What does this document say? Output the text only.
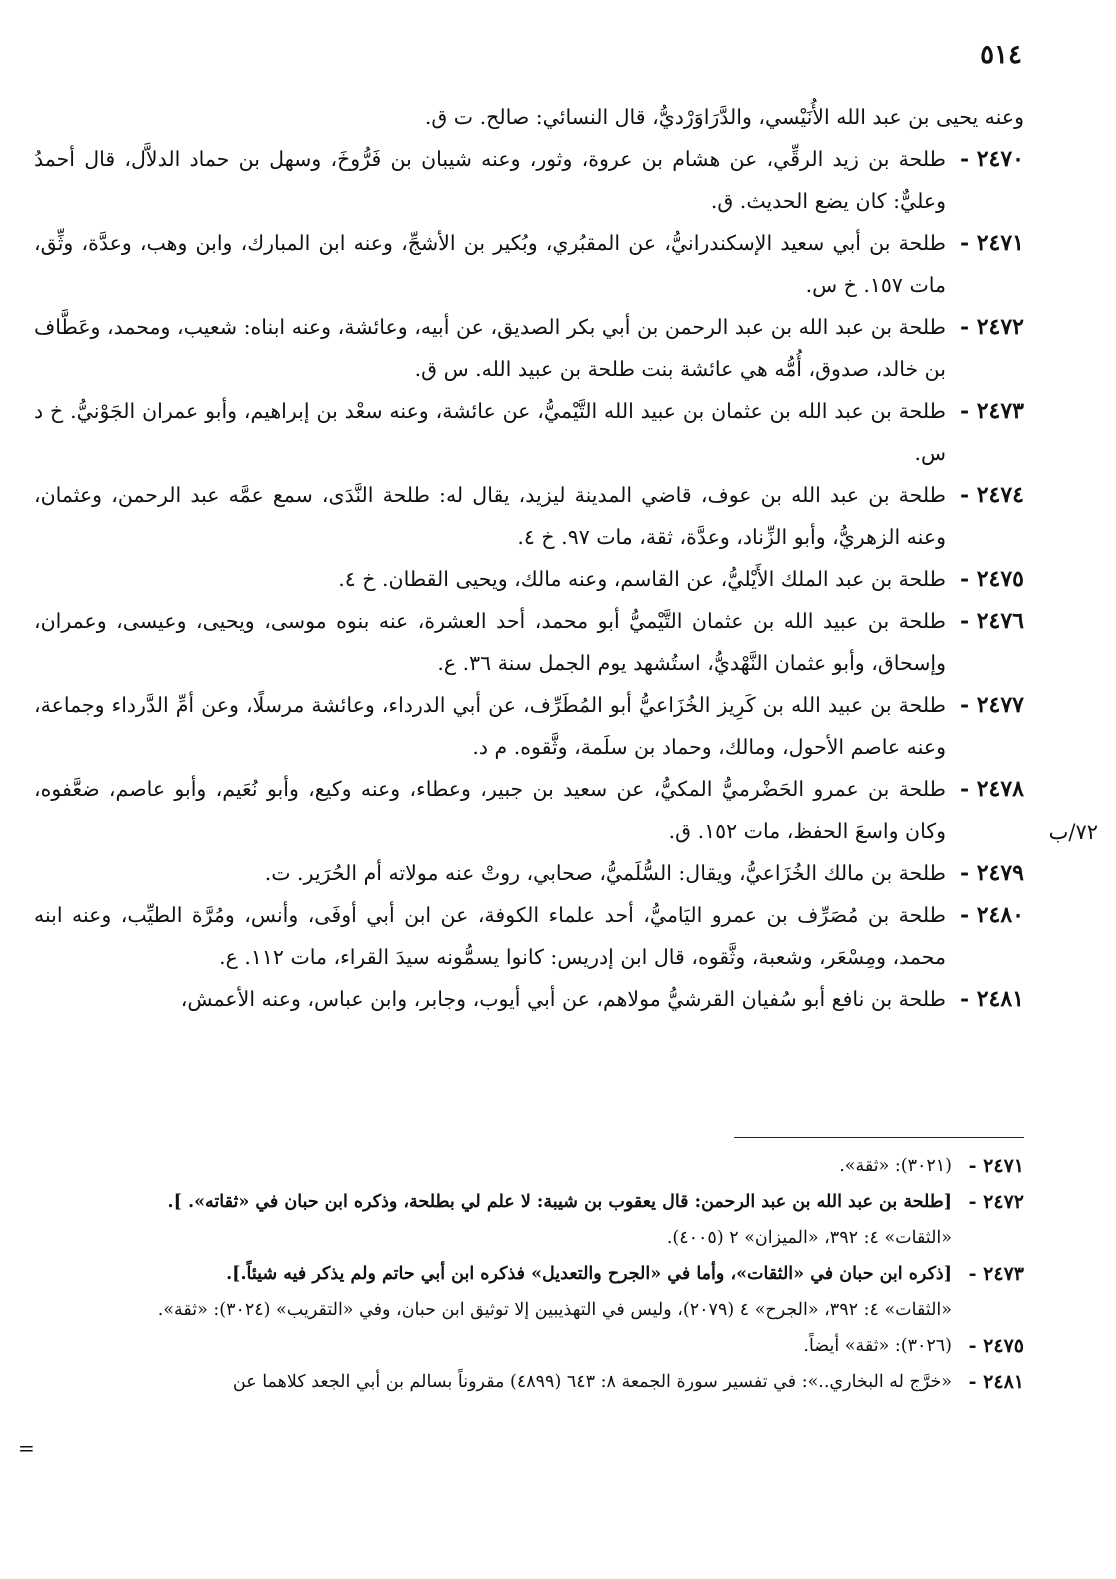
٥١٤
٧٢/ب
وعنه يحيى بن عبد الله الأُنَيْسي، والدَّرَاوَرْديُّ، قال النسائي: صالح. ت ق.
٢٤٧٠ -
طلحة بن زيد الرقِّي، عن هشام بن عروة، وثور، وعنه شيبان بن فَرُّوخَ، وسهل بن حماد الدلاَّل، قال أحمدُ وعليٌّ: كان يضع الحديث. ق.
٢٤٧١ -
طلحة بن أبي سعيد الإسكندرانيُّ، عن المقبُري، وبُكير بن الأشجِّ، وعنه ابن المبارك، وابن وهب، وعدَّة، وثِّق، مات ١٥٧. خ س.
٢٤٧٢ -
طلحة بن عبد الله بن عبد الرحمن بن أبي بكر الصديق، عن أبيه، وعائشة، وعنه ابناه: شعيب، ومحمد، وعَطَّاف بن خالد، صدوق، أُمُّه هي عائشة بنت طلحة بن عبيد الله. س ق.
٢٤٧٣ -
طلحة بن عبد الله بن عثمان بن عبيد الله التَّيْميُّ، عن عائشة، وعنه سعْد بن إبراهيم، وأبو عمران الجَوْنيُّ. خ د س.
٢٤٧٤ -
طلحة بن عبد الله بن عوف، قاضي المدينة ليزيد، يقال له: طلحة النَّدَى، سمع عمَّه عبد الرحمن، وعثمان، وعنه الزهريُّ، وأبو الزِّناد، وعدَّة، ثقة، مات ٩٧. خ ٤.
٢٤٧٥ -
طلحة بن عبد الملك الأَيْليُّ، عن القاسم، وعنه مالك، ويحيى القطان. خ ٤.
٢٤٧٦ -
طلحة بن عبيد الله بن عثمان التَّيْميُّ أبو محمد، أحد العشرة، عنه بنوه موسى، ويحيى، وعيسى، وعمران، وإسحاق، وأبو عثمان النَّهْديُّ، استُشهد يوم الجمل سنة ٣٦. ع.
٢٤٧٧ -
طلحة بن عبيد الله بن كَرِيز الخُزَاعيُّ أبو المُطَرِّف، عن أبي الدرداء، وعائشة مرسلًا، وعن أمِّ الدَّرداء وجماعة، وعنه عاصم الأحول، ومالك، وحماد بن سلَمة، وثَّقوه. م د.
٢٤٧٨ -
طلحة بن عمرو الحَضْرميُّ المكيُّ، عن سعيد بن جبير، وعطاء، وعنه وكيع، وأبو نُعَيم، وأبو عاصم، ضعَّفوه، وكان واسعَ الحفظ، مات ١٥٢. ق.
٢٤٧٩ -
طلحة بن مالك الخُزَاعيُّ، ويقال: السُّلَميُّ، صحابي، روتْ عنه مولاته أم الحُرَير. ت.
٢٤٨٠ -
طلحة بن مُصَرِّف بن عمرو اليَاميُّ، أحد علماء الكوفة، عن ابن أبي أوفَى، وأنس، ومُرَّة الطيِّب، وعنه ابنه محمد، ومِسْعَر، وشعبة، وثَّقوه، قال ابن إدريس: كانوا يسمُّونه سيدَ القراء، مات ١١٢. ع.
٢٤٨١ -
طلحة بن نافع أبو سُفيان القرشيُّ مولاهم، عن أبي أيوب، وجابر، وابن عباس، وعنه الأعمش،
٢٤٧١ -
(٣٠٢١): «ثقة».
٢٤٧٢ -
[طلحة بن عبد الله بن عبد الرحمن: قال يعقوب بن شيبة: لا علم لي بطلحة، وذكره ابن حبان في «ثقاته». ].
«الثقات» ٤: ٣٩٢، «الميزان» ٢ (٤٠٠٥).
٢٤٧٣ -
[ذكره ابن حبان في «الثقات»، وأما في «الجرح والتعديل» فذكره ابن أبي حاتم ولم يذكر فيه شيئاً.].
«الثقات» ٤: ٣٩٢، «الجرح» ٤ (٢٠٧٩)، وليس في التهذيبين إلا توثيق ابن حبان، وفي «التقريب» (٣٠٢٤): «ثقة».
٢٤٧٥ -
(٣٠٢٦): «ثقة» أيضاً.
٢٤٨١ -
«خرَّج له البخاري..»: في تفسير سورة الجمعة ٨: ٦٤٣ (٤٨٩٩) مقروناً بسالم بن أبي الجعد كلاهما عن
=
